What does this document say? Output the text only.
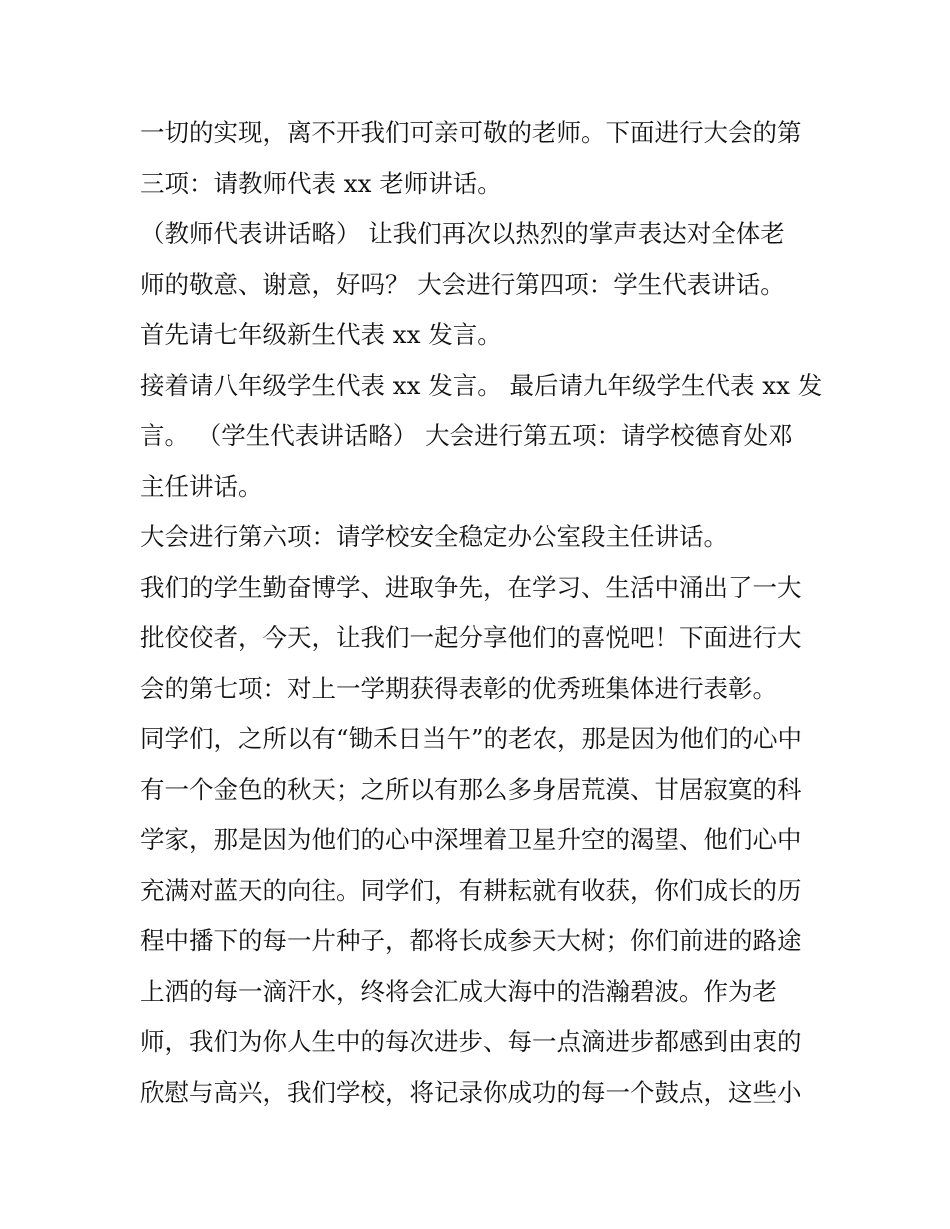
一切的实现，离不开我们可亲可敬的老师。下面进行大会的第
三项：请教师代表 xx 老师讲话。
（教师代表讲话略） 让我们再次以热烈的掌声表达对全体老
师的敬意、谢意，好吗？ 大会进行第四项：学生代表讲话。
首先请七年级新生代表 xx 发言。
接着请八年级学生代表 xx 发言。 最后请九年级学生代表 xx 发
言。 （学生代表讲话略） 大会进行第五项：请学校德育处邓
主任讲话。
大会进行第六项：请学校安全稳定办公室段主任讲话。
我们的学生勤奋博学、进取争先，在学习、生活中涌出了一大
批佼佼者，今天，让我们一起分享他们的喜悦吧！下面进行大
会的第七项：对上一学期获得表彰的优秀班集体进行表彰。
同学们，之所以有“锄禾日当午”的老农，那是因为他们的心中
有一个金色的秋天；之所以有那么多身居荒漠、甘居寂寞的科
学家，那是因为他们的心中深埋着卫星升空的渴望、他们心中
充满对蓝天的向往。同学们，有耕耘就有收获，你们成长的历
程中播下的每一片种子，都将长成参天大树；你们前进的路途
上洒的每一滴汗水，终将会汇成大海中的浩瀚碧波。作为老
师，我们为你人生中的每次进步、每一点滴进步都感到由衷的
欣慰与高兴，我们学校，将记录你成功的每一个鼓点，这些小
